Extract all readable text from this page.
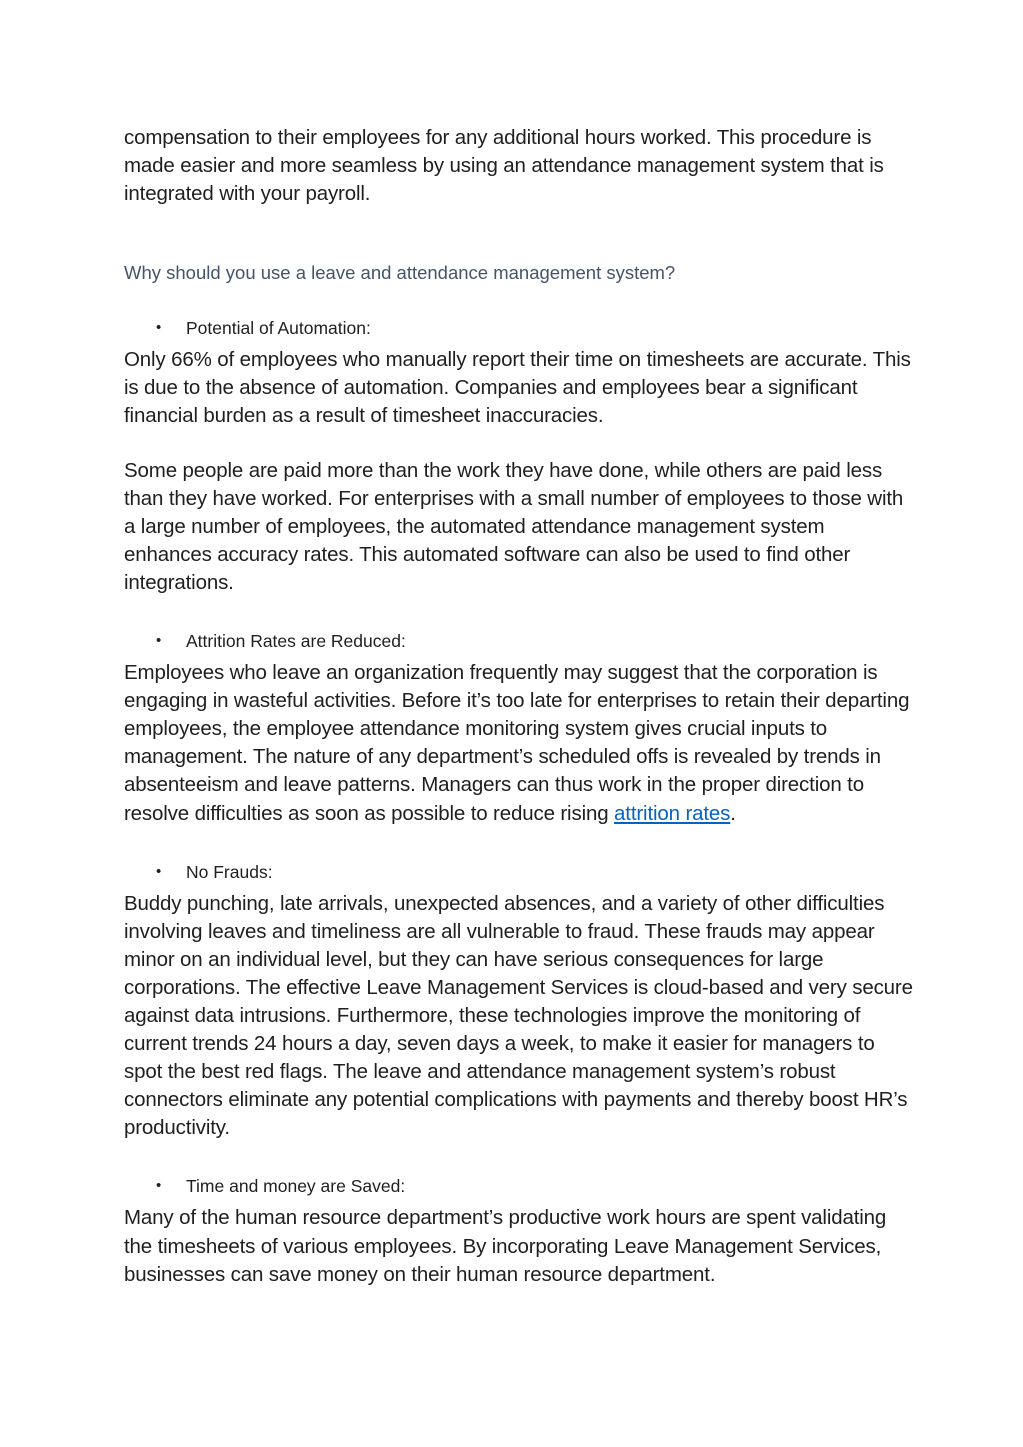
compensation to their employees for any additional hours worked. This procedure is made easier and more seamless by using an attendance management system that is integrated with your payroll.

Why should you use a leave and attendance management system?
•	Potential of Automation:

Only 66% of employees who manually report their time on timesheets are accurate. This is due to the absence of automation. Companies and employees bear a significant financial burden as a result of timesheet inaccuracies.

Some people are paid more than the work they have done, while others are paid less than they have worked. For enterprises with a small number of employees to those with a large number of employees, the automated attendance management system enhances accuracy rates. This automated software can also be used to find other integrations.

•	Attrition Rates are Reduced:

Employees who leave an organization frequently may suggest that the corporation is engaging in wasteful activities. Before it’s too late for enterprises to retain their departing employees, the employee attendance monitoring system gives crucial inputs to management. The nature of any department’s scheduled offs is revealed by trends in absenteeism and leave patterns. Managers can thus work in the proper direction to resolve difficulties as soon as possible to reduce rising attrition rates.

•	No Frauds:

Buddy punching, late arrivals, unexpected absences, and a variety of other difficulties involving leaves and timeliness are all vulnerable to fraud. These frauds may appear minor on an individual level, but they can have serious consequences for large corporations. The effective Leave Management Services is cloud-based and very secure against data intrusions. Furthermore, these technologies improve the monitoring of current trends 24 hours a day, seven days a week, to make it easier for managers to spot the best red flags. The leave and attendance management system’s robust connectors eliminate any potential complications with payments and thereby boost HR’s productivity.

•	Time and money are Saved:

Many of the human resource department’s productive work hours are spent validating the timesheets of various employees. By incorporating Leave Management Services, businesses can save money on their human resource department.
